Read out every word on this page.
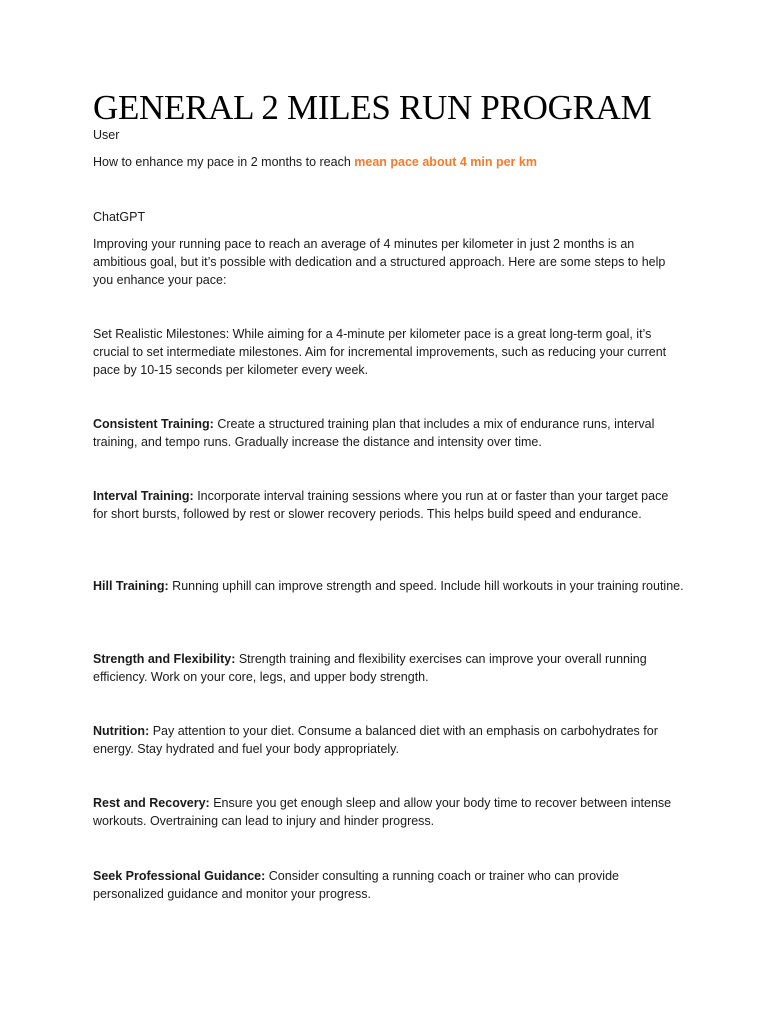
GENERAL 2 MILES RUN PROGRAM

User

How to enhance my pace in 2 months to reach mean pace about 4 min per km

ChatGPT

Improving your running pace to reach an average of 4 minutes per kilometer in just 2 months is an ambitious goal, but it’s possible with dedication and a structured approach. Here are some steps to help you enhance your pace:

Set Realistic Milestones: While aiming for a 4-minute per kilometer pace is a great long-term goal, it’s crucial to set intermediate milestones. Aim for incremental improvements, such as reducing your current pace by 10-15 seconds per kilometer every week.

Consistent Training: Create a structured training plan that includes a mix of endurance runs, interval training, and tempo runs. Gradually increase the distance and intensity over time.

Interval Training: Incorporate interval training sessions where you run at or faster than your target pace for short bursts, followed by rest or slower recovery periods. This helps build speed and endurance.

Hill Training: Running uphill can improve strength and speed. Include hill workouts in your training routine.

Strength and Flexibility: Strength training and flexibility exercises can improve your overall running efficiency. Work on your core, legs, and upper body strength.

Nutrition: Pay attention to your diet. Consume a balanced diet with an emphasis on carbohydrates for energy. Stay hydrated and fuel your body appropriately.

Rest and Recovery: Ensure you get enough sleep and allow your body time to recover between intense workouts. Overtraining can lead to injury and hinder progress.

Seek Professional Guidance: Consider consulting a running coach or trainer who can provide personalized guidance and monitor your progress.
